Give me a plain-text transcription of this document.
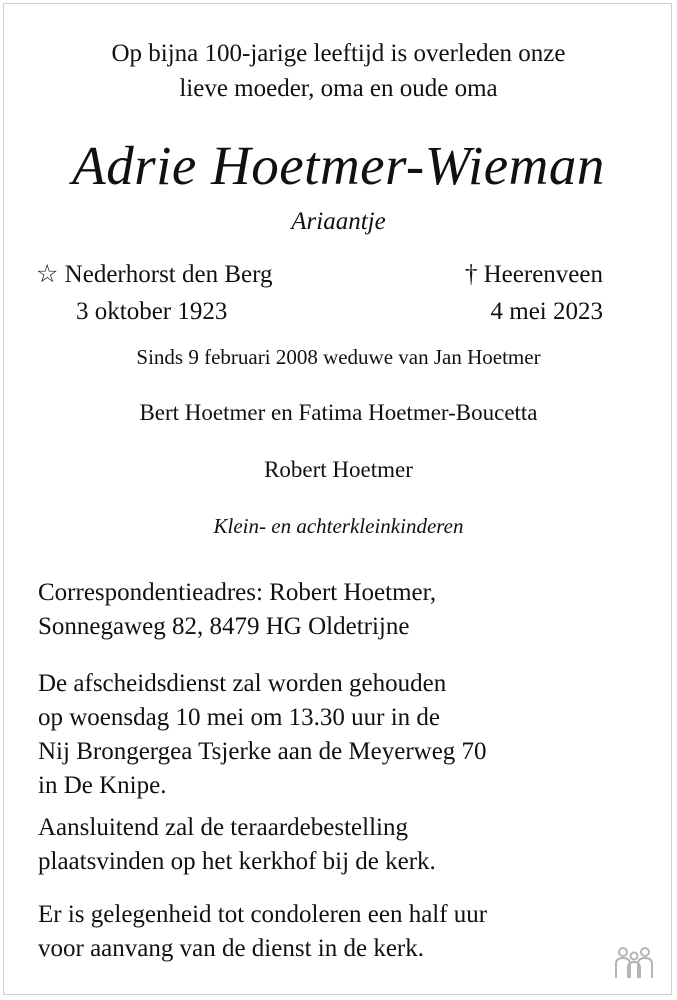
Op bijna 100-jarige leeftijd is overleden onze
lieve moeder, oma en oude oma
Adrie Hoetmer-Wieman
Ariaantje
☆ Nederhorst den Berg
3 oktober 1923
† Heerenveen
4 mei 2023
Sinds 9 februari 2008 weduwe van Jan Hoetmer
Bert Hoetmer en Fatima Hoetmer-Boucetta
Robert Hoetmer
Klein- en achterkleinkinderen
Correspondentieadres: Robert Hoetmer,
Sonnegaweg 82, 8479 HG Oldetrijne
De afscheidsdienst zal worden gehouden
op woensdag 10 mei om 13.30 uur in de
Nij Brongergea Tsjerke aan de Meyerweg 70
in De Knipe.
Aansluitend zal de teraardebestelling
plaatsvinden op het kerkhof bij de kerk.
Er is gelegenheid tot condoleren een half uur
voor aanvang van de dienst in de kerk.
